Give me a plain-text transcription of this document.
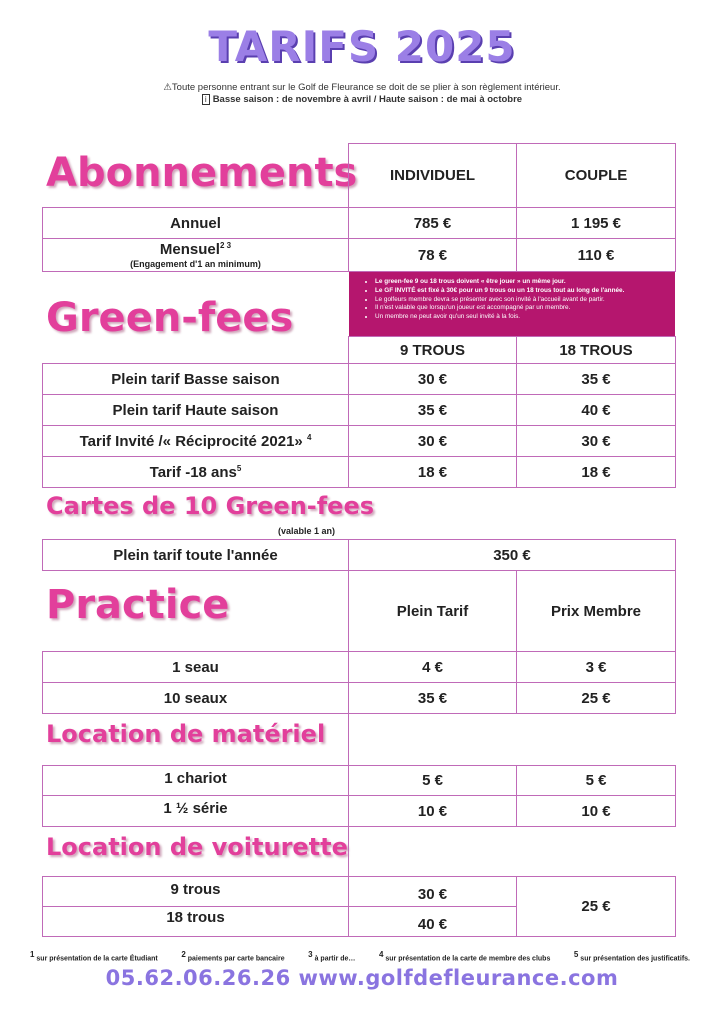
TARIFS 2025
⚠Toute personne entrant sur le Golf de Fleurance se doit de se plier à son règlement intérieur.
i Basse saison : de novembre à avril / Haute saison : de mai à octobre
Abonnements	INDIVIDUEL	COUPLE
Annuel	785 €	1 195 €
Mensuel$^{2 3}$
(Engagement d'1 an minimum)
78 €	110 €
Green-fees
• Le green-fee 9 ou 18 trous doivent « être jouer » un même jour.
• Le GF INVITÉ est fixé à 30€ pour un 9 trous ou un 18 trous tout au long de l'année.
• Le golfeurs membre devra se présenter avec son invité à l'accueil avant de partir.
• Il n'est valable que lorsqu'un joueur est accompagné par un membre.
• Un membre ne peut avoir qu'un seul invité à la fois.
9 TROUS	18 TROUS
Plein tarif Basse saison	30 €	35 €
Plein tarif Haute saison	35 €	40 €
Tarif Invité /« Réciprocité 2021» $^4$	30 €	30 €
Tarif -18 ans$^5$	18 €	18 €
Cartes de 10 Green-fees
(valable 1 an)
Plein tarif toute l'année	350 €
Practice	Plein Tarif	Prix Membre
1 seau	4 €	3 €
10 seaux	35 €	25 €
Location de matériel
1 chariot	5 €	5 €
1 ½ série	10 €	10 €
Location de voiturette
9 trous	30 €
18 trous	40 €
25 €
$^1$ sur présentation de la carte Étudiant	$^2$ paiements par carte bancaire	$^3$ à partir de…	$^4$ sur présentation de la carte de membre des clubs	$^5$ sur présentation des justificatifs.
05.62.06.26.26 www.golfdefleurance.com
